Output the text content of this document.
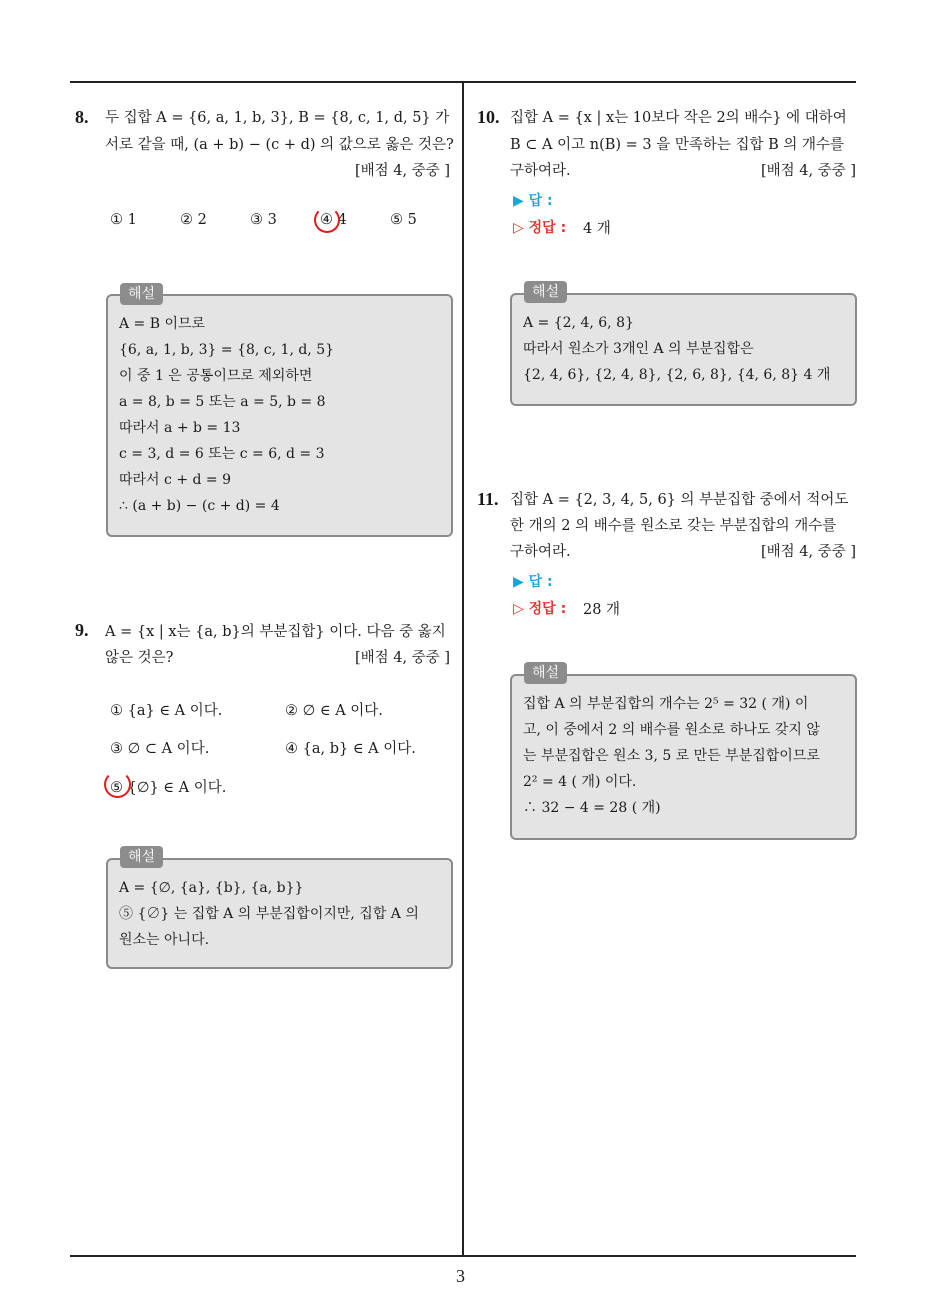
8. 두 집합 A = {6, a, 1, b, 3}, B = {8, c, 1, d, 5} 가
서로 같을 때, (a + b) − (c + d) 의 값으로 옳은 것은?
[배점 4, 중중 ]
① 1	② 2	③ 3	④ 4	⑤ 5
해설
A = B 이므로
{6, a, 1, b, 3} = {8, c, 1, d, 5}
이 중 1 은 공통이므로 제외하면
a = 8, b = 5 또는 a = 5, b = 8
따라서 a + b = 13
c = 3, d = 6 또는 c = 6, d = 3
따라서 c + d = 9
∴ (a + b) − (c + d) = 4
9. A = {x | x는 {a, b}의 부분집합} 이다. 다음 중 옳지
않은 것은?	[배점 4, 중중 ]
① {a} ∈ A 이다.	② ∅ ∈ A 이다.
③ ∅ ⊂ A 이다.	④ {a, b} ∈ A 이다.
⑤ {∅} ∈ A 이다.
해설
A = {∅, {a}, {b}, {a, b}}
⑤ {∅} 는 집합 A 의 부분집합이지만, 집합 A 의
원소는 아니다.
10. 집합 A = {x | x는 10보다 작은 2의 배수} 에 대하여
B ⊂ A 이고 n(B) = 3 을 만족하는 집합 B 의 개수를
구하여라.	[배점 4, 중중 ]
▶ 답 :
▷ 정답 : 4 개
해설
A = {2, 4, 6, 8}
따라서 원소가 3개인 A 의 부분집합은
{2, 4, 6}, {2, 4, 8}, {2, 6, 8}, {4, 6, 8} 4 개
11. 집합 A = {2, 3, 4, 5, 6} 의 부분집합 중에서 적어도
한 개의 2 의 배수를 원소로 갖는 부분집합의 개수를
구하여라.	[배점 4, 중중 ]
▶ 답 :
▷ 정답 : 28 개
해설
집합 A 의 부분집합의 개수는 2⁵ = 32 ( 개) 이
고, 이 중에서 2 의 배수를 원소로 하나도 갖지 않
는 부분집합은 원소 3, 5 로 만든 부분집합이므로
2² = 4 ( 개) 이다.
∴ 32 − 4 = 28 ( 개)
3
